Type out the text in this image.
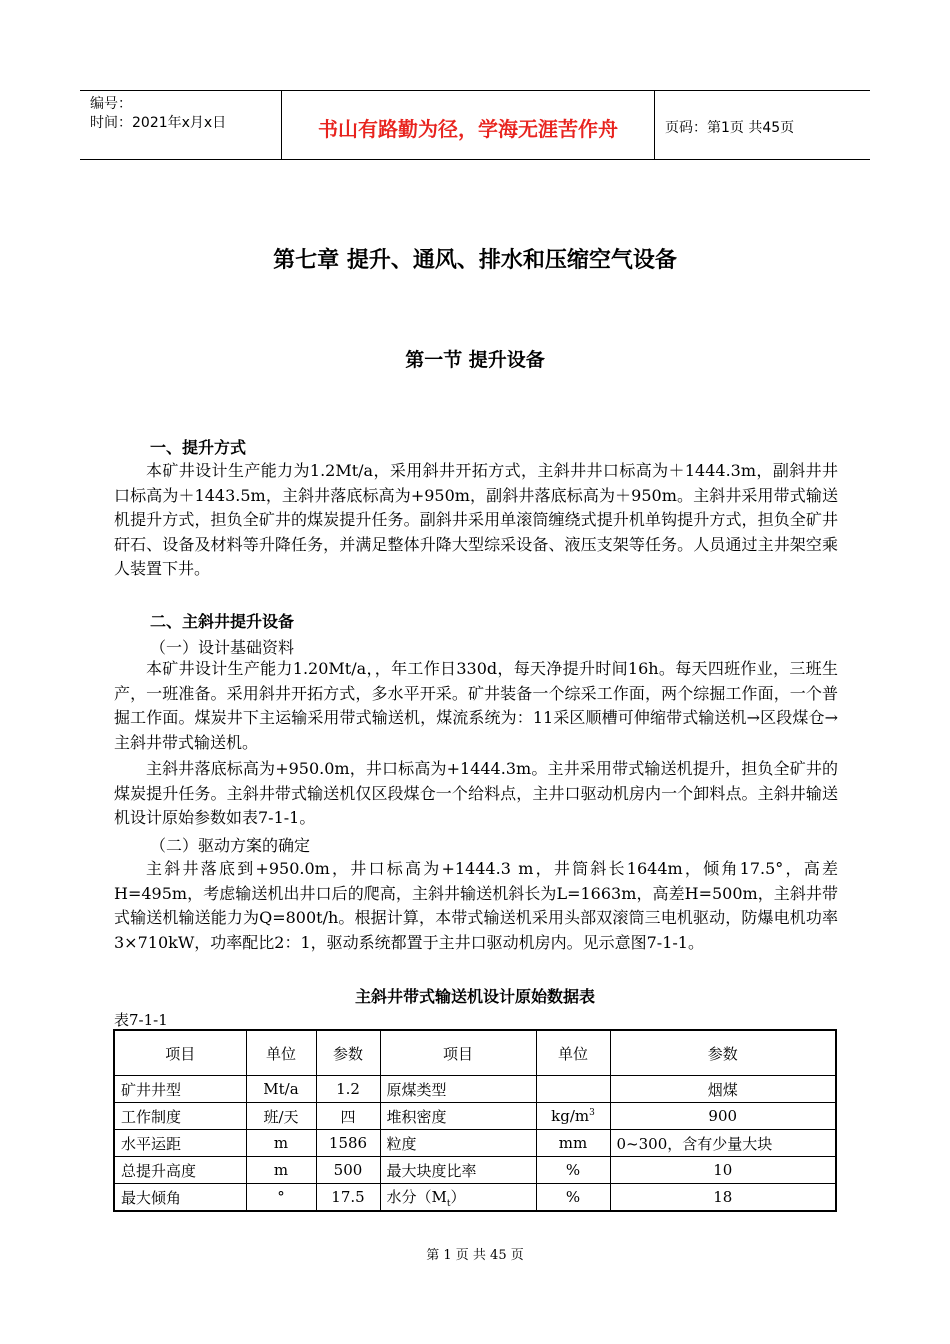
编号：
时间：2021年x月x日	书山有路勤为径，学海无涯苦作舟	页码：第1页 共45页
第七章 提升、通风、排水和压缩空气设备
第一节 提升设备
一、提升方式

本矿井设计生产能力为1.2Mt/a，采用斜井开拓方式，主斜井井口标高为＋1444.3m，副斜井井口标高为＋1443.5m，主斜井落底标高为+950m，副斜井落底标高为＋950m。主斜井采用带式输送机提升方式，担负全矿井的煤炭提升任务。副斜井采用单滚筒缠绕式提升机单钩提升方式，担负全矿井矸石、设备及材料等升降任务，并满足整体升降大型综采设备、液压支架等任务。人员通过主井架空乘人装置下井。

二、主斜井提升设备
（一）设计基础资料

本矿井设计生产能力1.20Mt/a，，年工作日330d，每天净提升时间16h。每天四班作业，三班生产，一班准备。采用斜井开拓方式，多水平开采。矿井装备一个综采工作面，两个综掘工作面，一个普掘工作面。煤炭井下主运输采用带式输送机，煤流系统为：11采区顺槽可伸缩带式输送机→区段煤仓→主斜井带式输送机。

主斜井落底标高为+950.0m，井口标高为+1444.3m。主井采用带式输送机提升，担负全矿井的煤炭提升任务。主斜井带式输送机仅区段煤仓一个给料点，主井口驱动机房内一个卸料点。主斜井输送机设计原始参数如表7-1-1。

（二）驱动方案的确定

主斜井落底到+950.0m，井口标高为+1444.3 m，井筒斜长1644m，倾角17.5°，高差H=495m，考虑输送机出井口后的爬高，主斜井输送机斜长为L=1663m，高差H=500m，主斜井带式输送机输送能力为Q=800t/h。根据计算，本带式输送机采用头部双滚筒三电机驱动，防爆电机功率3×710kW，功率配比2：1，驱动系统都置于主井口驱动机房内。见示意图7-1-1。

主斜井带式输送机设计原始数据表
表7-1-1
项目	单位	参数	项目	单位	参数
矿井井型	Mt/a	1.2	原煤类型		烟煤
工作制度	班/天	四	堆积密度	$kg/m^3$	900
水平运距	m	1586	粒度	mm	0~300，含有少量大块
总提升高度	m	500	最大块度比率	%	10
最大倾角	°	17.5	水分$(M_t)$	%	18
第 1 页 共 45 页
